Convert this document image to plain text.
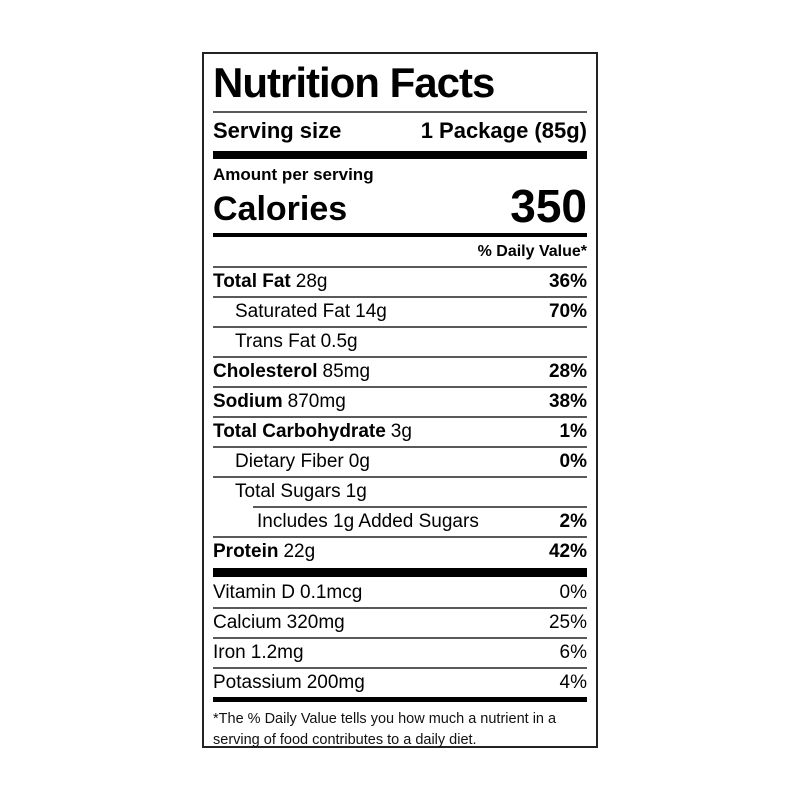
Nutrition Facts
Serving size	1 Package (85g)
Amount per serving
Calories	350
% Daily Value*
Total Fat 28g	36%
Saturated Fat 14g	70%
Trans Fat 0.5g
Cholesterol 85mg	28%
Sodium 870mg	38%
Total Carbohydrate 3g	1%
Dietary Fiber 0g	0%
Total Sugars 1g
Includes 1g Added Sugars	2%
Protein 22g	42%
Vitamin D 0.1mcg	0%
Calcium 320mg	25%
Iron 1.2mg	6%
Potassium 200mg	4%
*The % Daily Value tells you how much a nutrient in a serving of food contributes to a daily diet.
